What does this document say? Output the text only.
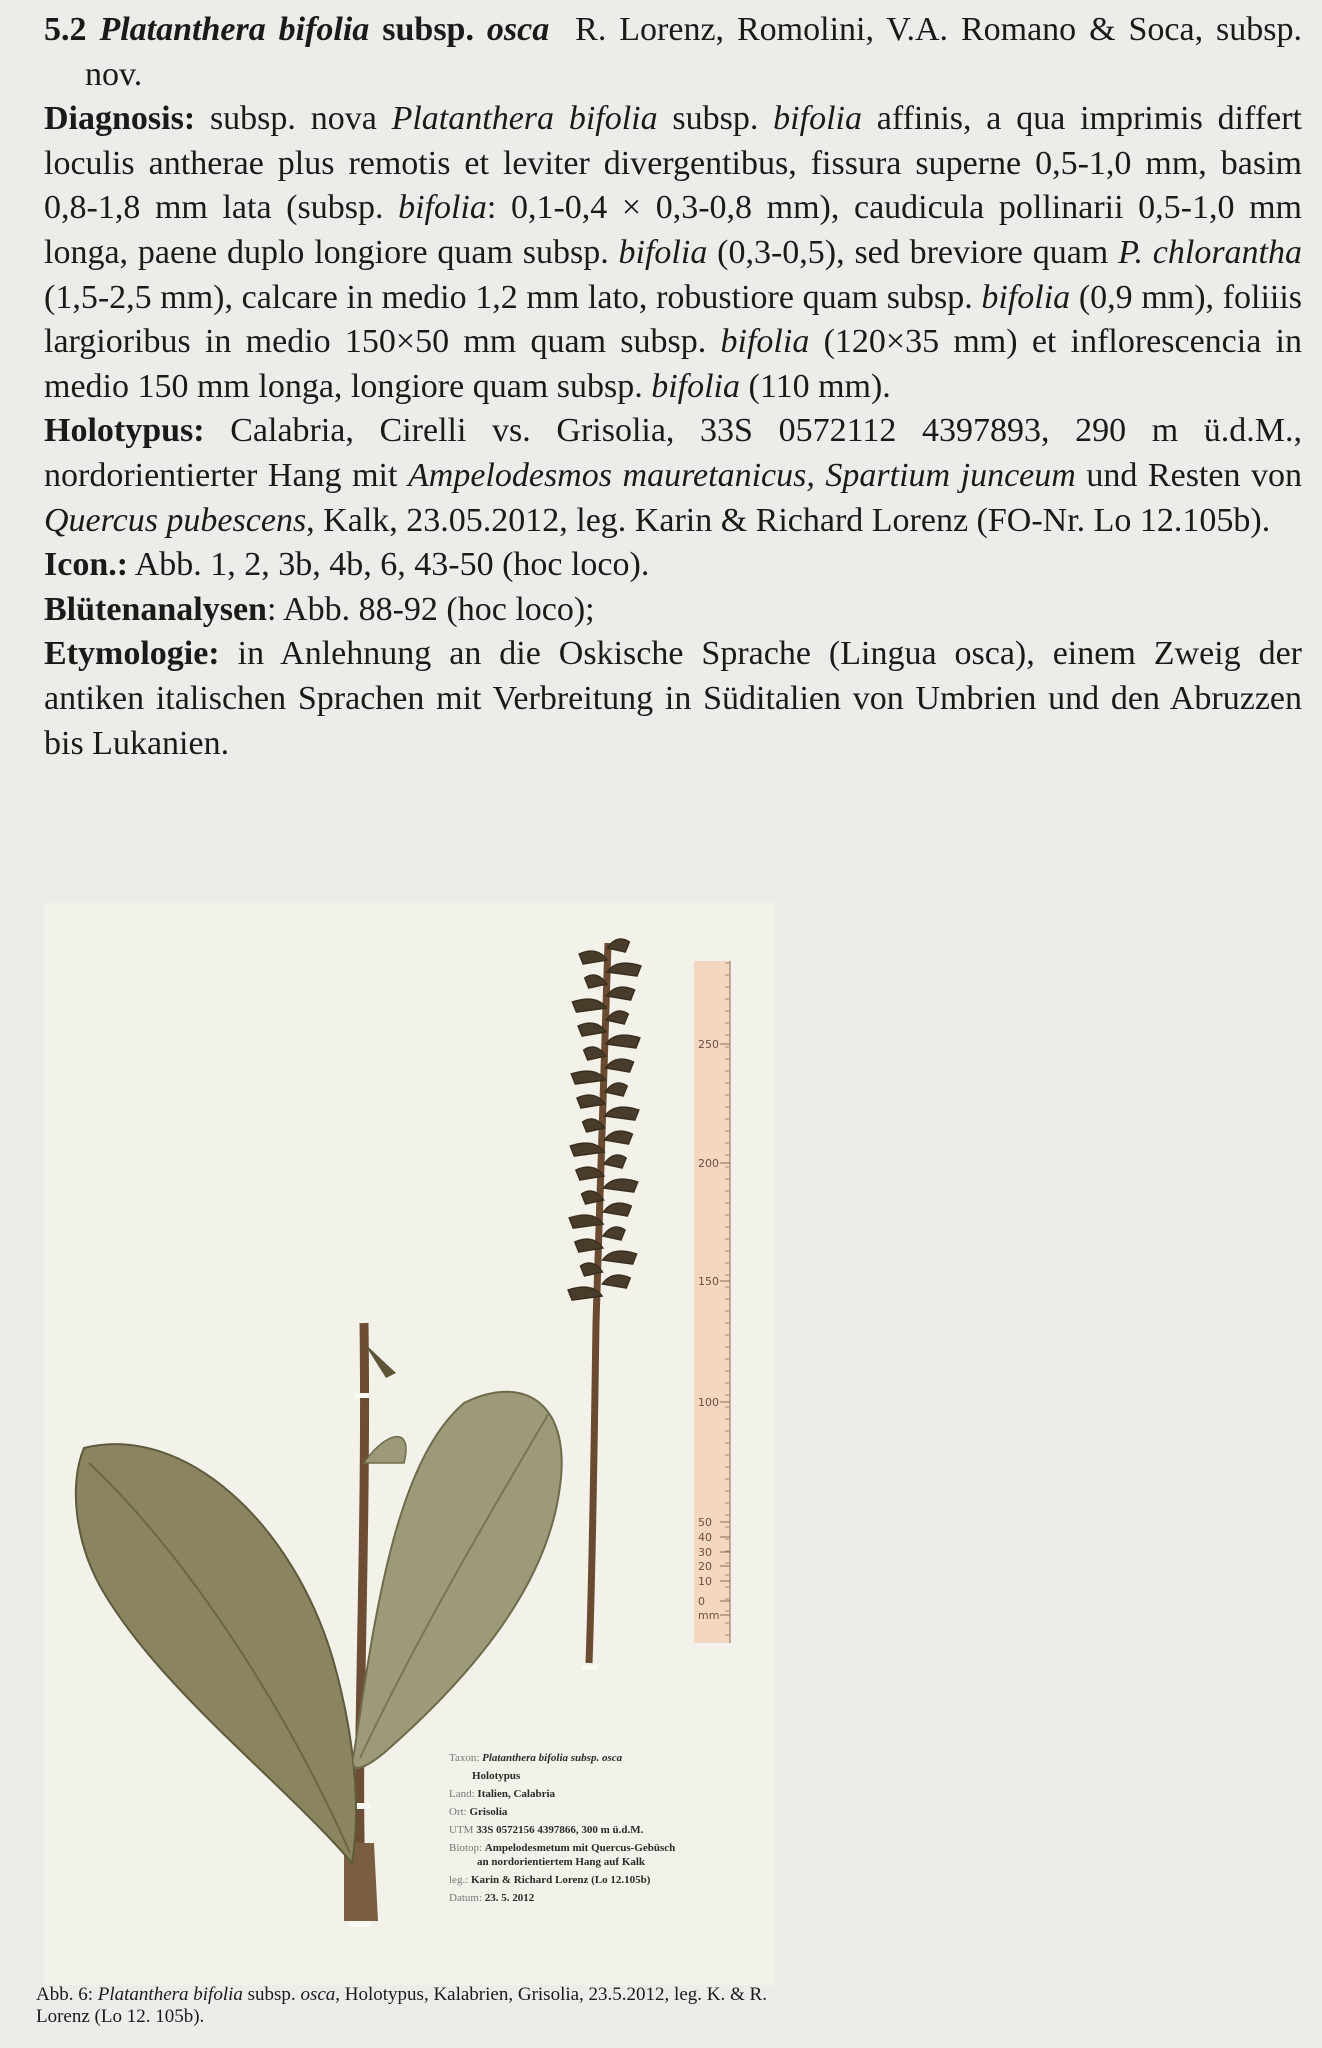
5.2 Platanthera bifolia subsp. osca R. Lorenz, Romolini, V.A. Romano & Soca, subsp. nov.

Diagnosis: subsp. nova Platanthera bifolia subsp. bifolia affinis, a qua imprimis differt loculis antherae plus remotis et leviter divergentibus, fissura superne 0,5-1,0 mm, basim 0,8-1,8 mm lata (subsp. bifolia: 0,1-0,4 × 0,3-0,8 mm), caudicula pollinarii 0,5-1,0 mm longa, paene duplo longiore quam subsp. bifolia (0,3-0,5), sed breviore quam P. chlorantha (1,5-2,5 mm), calcare in medio 1,2 mm lato, robustiore quam subsp. bifolia (0,9 mm), foliiis largioribus in medio 150×50 mm quam subsp. bifolia (120×35 mm) et inflorescencia in medio 150 mm longa, longiore quam subsp. bifolia (110 mm).

Holotypus: Calabria, Cirelli vs. Grisolia, 33S 0572112 4397893, 290 m ü.d.M., nordorientierter Hang mit Ampelodesmos mauretanicus, Spartium junceum und Resten von Quercus pubescens, Kalk, 23.05.2012, leg. Karin & Richard Lorenz (FO-Nr. Lo 12.105b).

Icon.: Abb. 1, 2, 3b, 4b, 6, 43-50 (hoc loco).

Blütenanalysen: Abb. 88-92 (hoc loco);

Etymologie: in Anlehnung an die Oskische Sprache (Lingua osca), einem Zweig der antiken italischen Sprachen mit Verbreitung in Süditalien von Umbrien und den Abruzzen bis Lukanien.

250
200
150
100
50
40
30
20
10
0
mm
Taxon: Platanthera bifolia subsp. osca
Holotypus
Land: Italien, Calabria
Ort: Grisolia
UTM 33S 0572156 4397866, 300 m ü.d.M.
Biotop: Ampelodesmetum mit Quercus-Gebüsch
an nordorientiertem Hang auf Kalk
leg.: Karin & Richard Lorenz (Lo 12.105b)
Datum: 23. 5. 2012
Abb. 6: Platanthera bifolia subsp. osca, Holotypus, Kalabrien, Grisolia, 23.5.2012, leg. K. & R. Lorenz (Lo 12. 105b).
